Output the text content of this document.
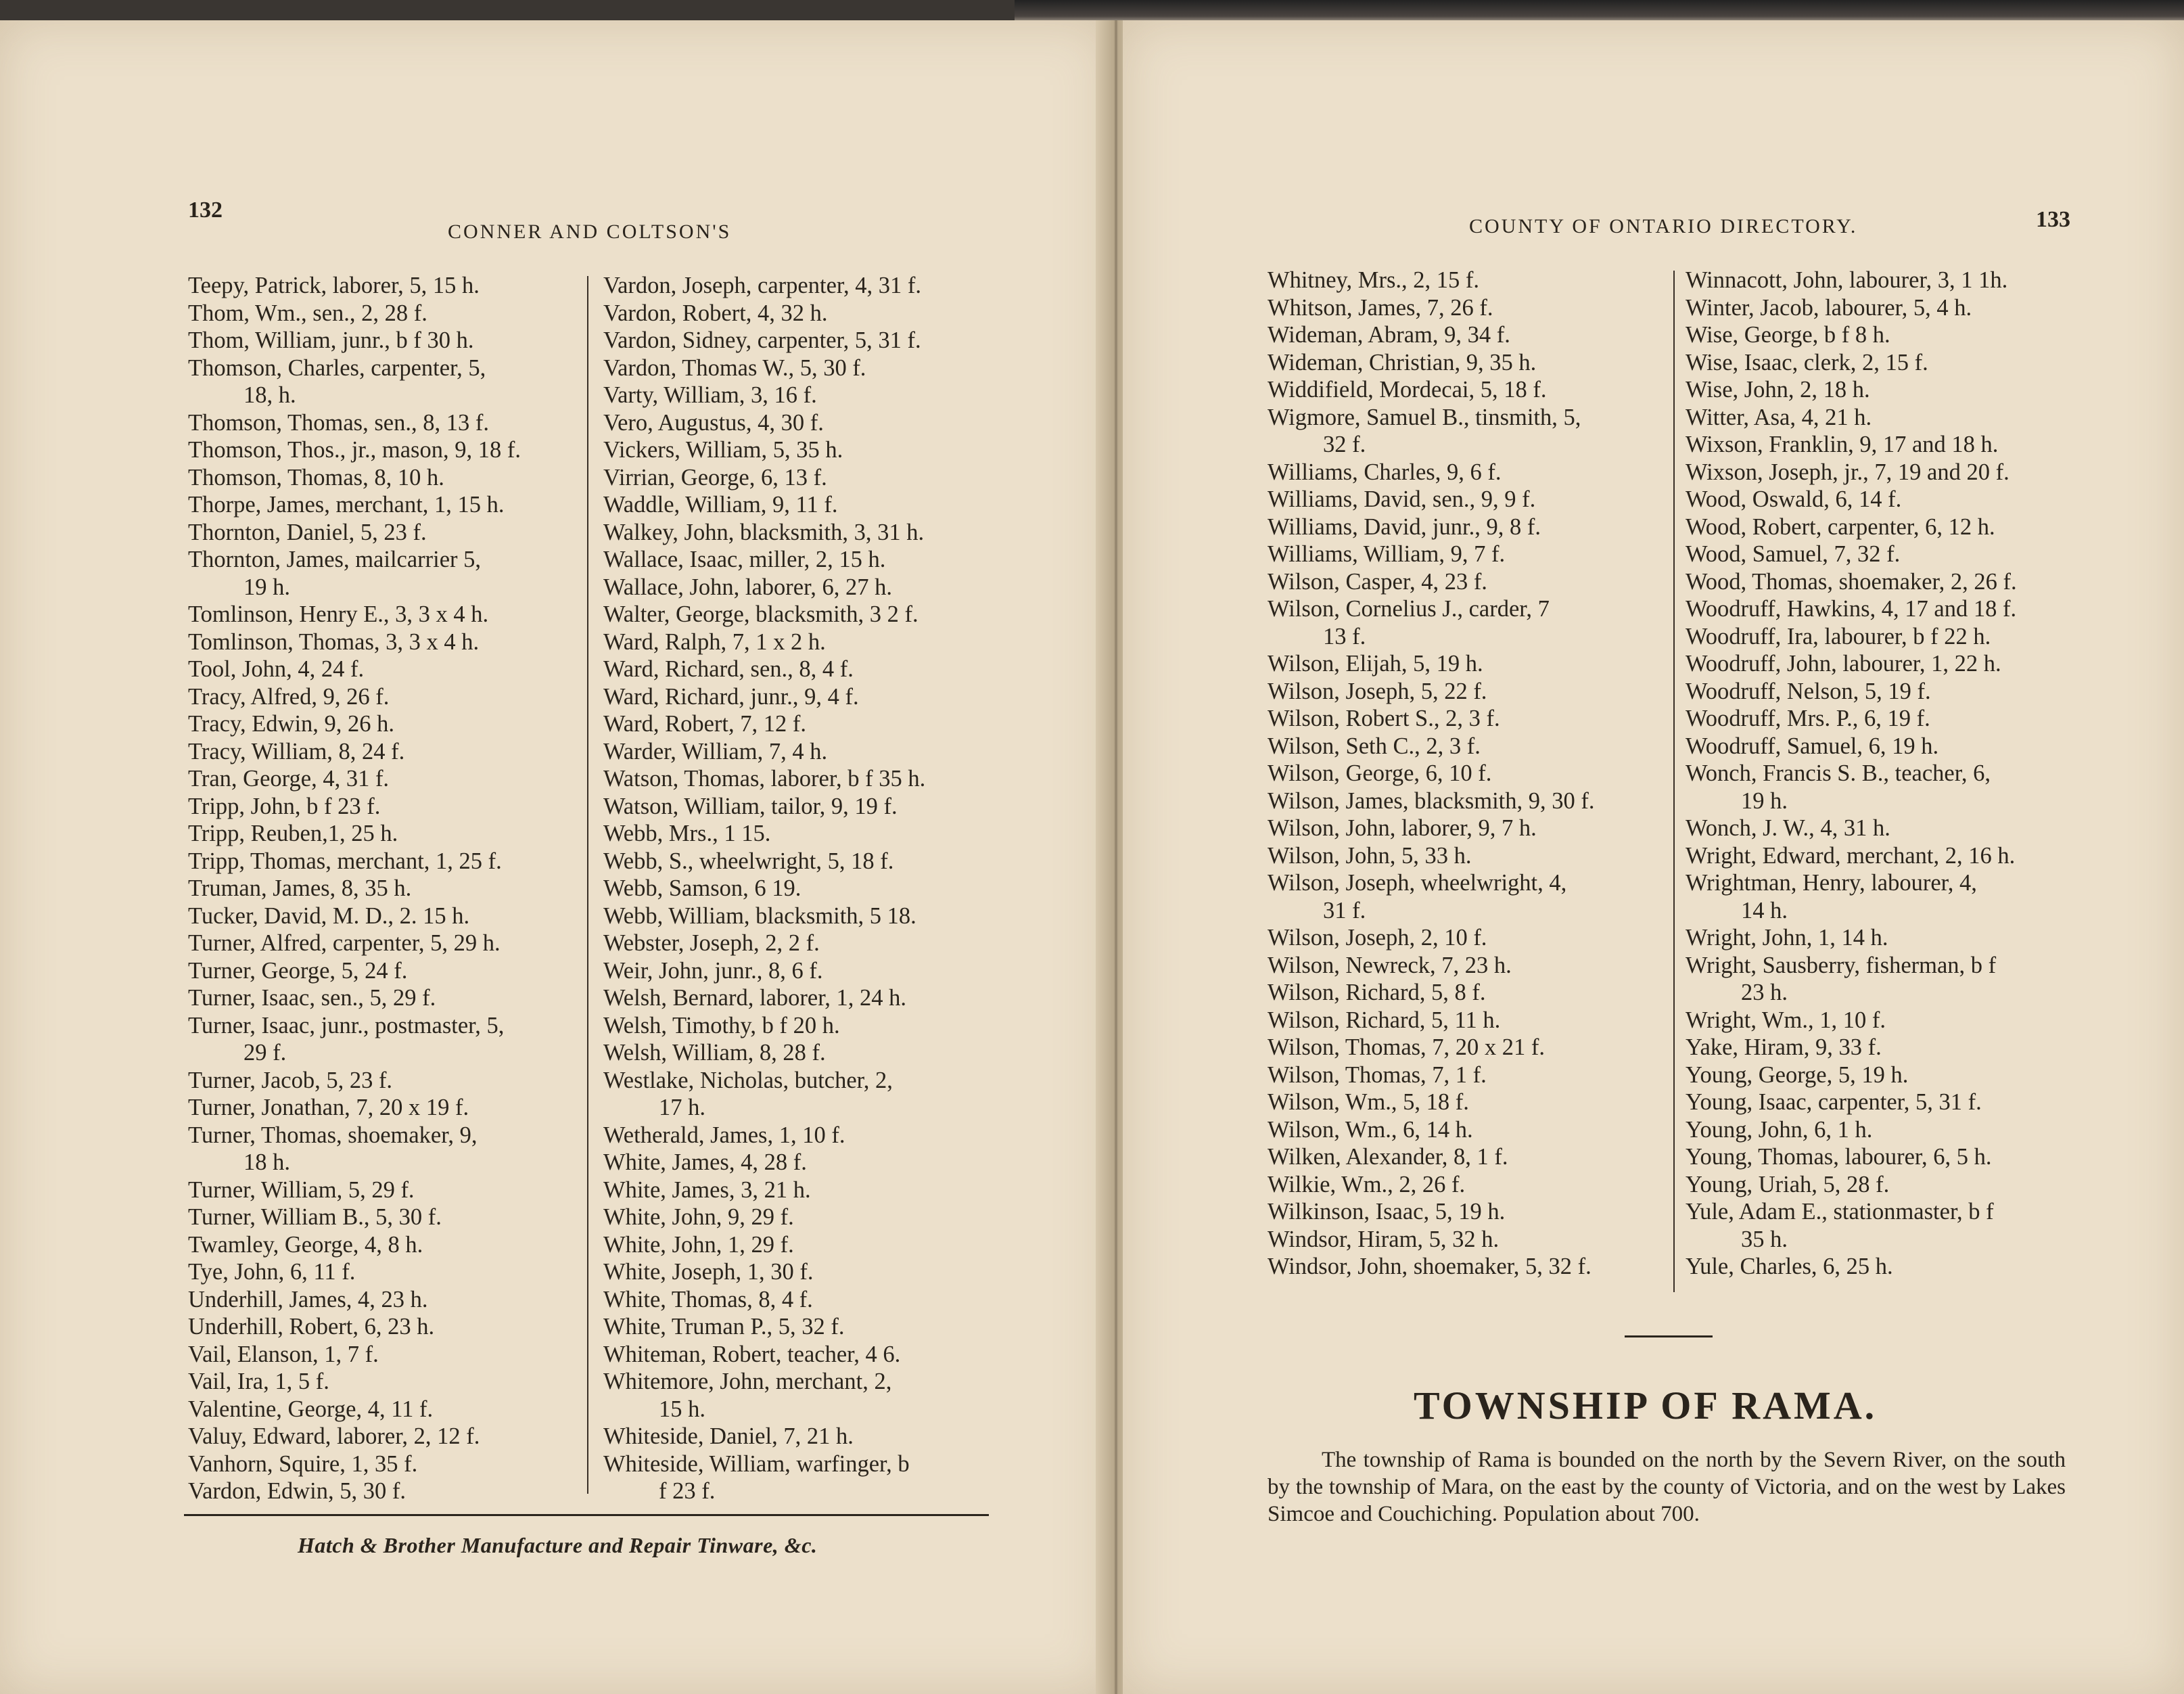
132
CONNER AND COLTSON'S
Teepy, Patrick, laborer, 5, 15 h.
Thom, Wm., sen., 2, 28 f.
Thom, William, junr., b f 30 h.
Thomson, Charles, carpenter, 5,
18, h.
Thomson, Thomas, sen., 8, 13 f.
Thomson, Thos., jr., mason, 9, 18 f.
Thomson, Thomas, 8, 10 h.
Thorpe, James, merchant, 1, 15 h.
Thornton, Daniel, 5, 23 f.
Thornton, James, mailcarrier 5,
19 h.
Tomlinson, Henry E., 3, 3 x 4 h.
Tomlinson, Thomas, 3, 3 x 4 h.
Tool, John, 4, 24 f.
Tracy, Alfred, 9, 26 f.
Tracy, Edwin, 9, 26 h.
Tracy, William, 8, 24 f.
Tran, George, 4, 31 f.
Tripp, John, b f 23 f.
Tripp, Reuben,1, 25 h.
Tripp, Thomas, merchant, 1, 25 f.
Truman, James, 8, 35 h.
Tucker, David, M. D., 2. 15 h.
Turner, Alfred, carpenter, 5, 29 h.
Turner, George, 5, 24 f.
Turner, Isaac, sen., 5, 29 f.
Turner, Isaac, junr., postmaster, 5,
29 f.
Turner, Jacob, 5, 23 f.
Turner, Jonathan, 7, 20 x 19 f.
Turner, Thomas, shoemaker, 9,
18 h.
Turner, William, 5, 29 f.
Turner, William B., 5, 30 f.
Twamley, George, 4, 8 h.
Tye, John, 6, 11 f.
Underhill, James, 4, 23 h.
Underhill, Robert, 6, 23 h.
Vail, Elanson, 1, 7 f.
Vail, Ira, 1, 5 f.
Valentine, George, 4, 11 f.
Valuy, Edward, laborer, 2, 12 f.
Vanhorn, Squire, 1, 35 f.
Vardon, Edwin, 5, 30 f.
Vardon, Joseph, carpenter, 4, 31 f.
Vardon, Robert, 4, 32 h.
Vardon, Sidney, carpenter, 5, 31 f.
Vardon, Thomas W., 5, 30 f.
Varty, William, 3, 16 f.
Vero, Augustus, 4, 30 f.
Vickers, William, 5, 35 h.
Virrian, George, 6, 13 f.
Waddle, William, 9, 11 f.
Walkey, John, blacksmith, 3, 31 h.
Wallace, Isaac, miller, 2, 15 h.
Wallace, John, laborer, 6, 27 h.
Walter, George, blacksmith, 3 2 f.
Ward, Ralph, 7, 1 x 2 h.
Ward, Richard, sen., 8, 4 f.
Ward, Richard, junr., 9, 4 f.
Ward, Robert, 7, 12 f.
Warder, William, 7, 4 h.
Watson, Thomas, laborer, b f 35 h.
Watson, William, tailor, 9, 19 f.
Webb, Mrs., 1 15.
Webb, S., wheelwright, 5, 18 f.
Webb, Samson, 6 19.
Webb, William, blacksmith, 5 18.
Webster, Joseph, 2, 2 f.
Weir, John, junr., 8, 6 f.
Welsh, Bernard, laborer, 1, 24 h.
Welsh, Timothy, b f 20 h.
Welsh, William, 8, 28 f.
Westlake, Nicholas, butcher, 2,
17 h.
Wetherald, James, 1, 10 f.
White, James, 4, 28 f.
White, James, 3, 21 h.
White, John, 9, 29 f.
White, John, 1, 29 f.
White, Joseph, 1, 30 f.
White, Thomas, 8, 4 f.
White, Truman P., 5, 32 f.
Whiteman, Robert, teacher, 4 6.
Whitemore, John, merchant, 2,
15 h.
Whiteside, Daniel, 7, 21 h.
Whiteside, William, warfinger, b
f 23 f.
Hatch & Brother Manufacture and Repair Tinware, &c.
COUNTY OF ONTARIO DIRECTORY.	133
Whitney, Mrs., 2, 15 f.
Whitson, James, 7, 26 f.
Wideman, Abram, 9, 34 f.
Wideman, Christian, 9, 35 h.
Widdifield, Mordecai, 5, 18 f.
Wigmore, Samuel B., tinsmith, 5,
32 f.
Williams, Charles, 9, 6 f.
Williams, David, sen., 9, 9 f.
Williams, David, junr., 9, 8 f.
Williams, William, 9, 7 f.
Wilson, Casper, 4, 23 f.
Wilson, Cornelius J., carder, 7
13 f.
Wilson, Elijah, 5, 19 h.
Wilson, Joseph, 5, 22 f.
Wilson, Robert S., 2, 3 f.
Wilson, Seth C., 2, 3 f.
Wilson, George, 6, 10 f.
Wilson, James, blacksmith, 9, 30 f.
Wilson, John, laborer, 9, 7 h.
Wilson, John, 5, 33 h.
Wilson, Joseph, wheelwright, 4,
31 f.
Wilson, Joseph, 2, 10 f.
Wilson, Newreck, 7, 23 h.
Wilson, Richard, 5, 8 f.
Wilson, Richard, 5, 11 h.
Wilson, Thomas, 7, 20 x 21 f.
Wilson, Thomas, 7, 1 f.
Wilson, Wm., 5, 18 f.
Wilson, Wm., 6, 14 h.
Wilken, Alexander, 8, 1 f.
Wilkie, Wm., 2, 26 f.
Wilkinson, Isaac, 5, 19 h.
Windsor, Hiram, 5, 32 h.
Windsor, John, shoemaker, 5, 32 f.
Winnacott, John, labourer, 3, 1 1h.
Winter, Jacob, labourer, 5, 4 h.
Wise, George, b f 8 h.
Wise, Isaac, clerk, 2, 15 f.
Wise, John, 2, 18 h.
Witter, Asa, 4, 21 h.
Wixson, Franklin, 9, 17 and 18 h.
Wixson, Joseph, jr., 7, 19 and 20 f.
Wood, Oswald, 6, 14 f.
Wood, Robert, carpenter, 6, 12 h.
Wood, Samuel, 7, 32 f.
Wood, Thomas, shoemaker, 2, 26 f.
Woodruff, Hawkins, 4, 17 and 18 f.
Woodruff, Ira, labourer, b f 22 h.
Woodruff, John, labourer, 1, 22 h.
Woodruff, Nelson, 5, 19 f.
Woodruff, Mrs. P., 6, 19 f.
Woodruff, Samuel, 6, 19 h.
Wonch, Francis S. B., teacher, 6,
19 h.
Wonch, J. W., 4, 31 h.
Wright, Edward, merchant, 2, 16 h.
Wrightman, Henry, labourer, 4,
14 h.
Wright, John, 1, 14 h.
Wright, Sausberry, fisherman, b f
23 h.
Wright, Wm., 1, 10 f.
Yake, Hiram, 9, 33 f.
Young, George, 5, 19 h.
Young, Isaac, carpenter, 5, 31 f.
Young, John, 6, 1 h.
Young, Thomas, labourer, 6, 5 h.
Young, Uriah, 5, 28 f.
Yule, Adam E., stationmaster, b f
35 h.
Yule, Charles, 6, 25 h.
TOWNSHIP OF RAMA.
The township of Rama is bounded on the north by the Severn River, on the south by the township of Mara, on the east by the county of Victoria, and on the west by Lakes Simcoe and Couchiching. Population about 700.
